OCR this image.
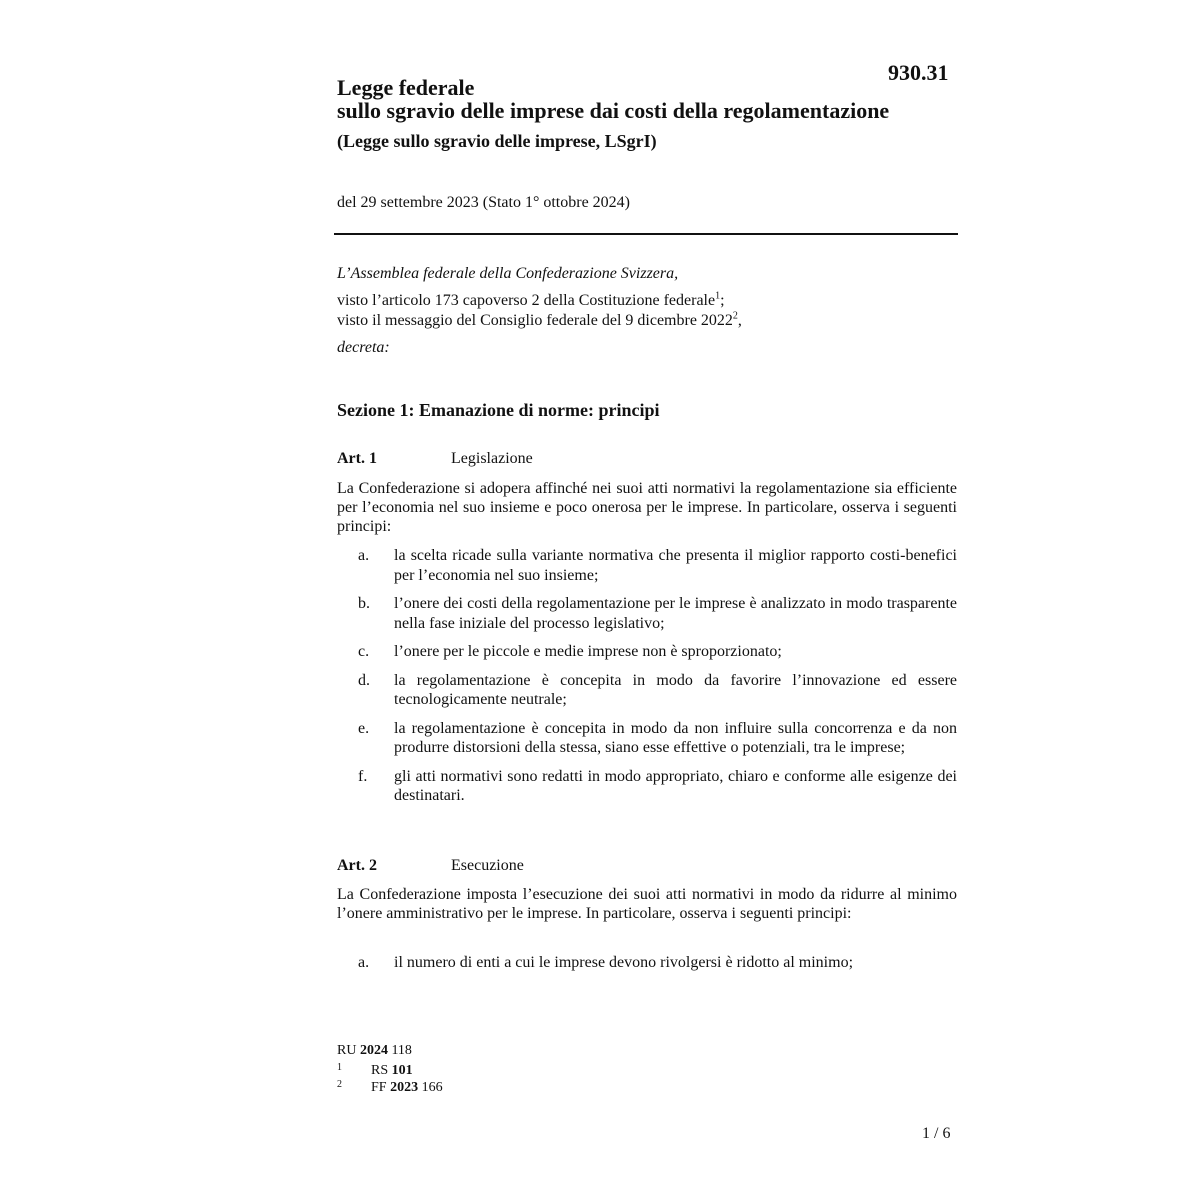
930.31
Legge federale
sullo sgravio delle imprese dai costi della regolamentazione
(Legge sullo sgravio delle imprese, LSgrI)
del 29 settembre 2023 (Stato 1° ottobre 2024)
L’Assemblea federale della Confederazione Svizzera,
visto l’articolo 173 capoverso 2 della Costituzione federale$^1$;
visto il messaggio del Consiglio federale del 9 dicembre 2022$^2$,
decreta:
Sezione 1: Emanazione di norme: principi
Art. 1	Legislazione
La Confederazione si adopera affinché nei suoi atti normativi la regolamentazione sia efficiente per l’economia nel suo insieme e poco onerosa per le imprese. In particolare, osserva i seguenti principi:
a. la scelta ricade sulla variante normativa che presenta il miglior rapporto costi-benefici per l’economia nel suo insieme;
b. l’onere dei costi della regolamentazione per le imprese è analizzato in modo trasparente nella fase iniziale del processo legislativo;
c. l’onere per le piccole e medie imprese non è sproporzionato;
d. la regolamentazione è concepita in modo da favorire l’innovazione ed essere tecnologicamente neutrale;
e. la regolamentazione è concepita in modo da non influire sulla concorrenza e da non produrre distorsioni della stessa, siano esse effettive o potenziali, tra le imprese;
f. gli atti normativi sono redatti in modo appropriato, chiaro e conforme alle esigenze dei destinatari.
Art. 2	Esecuzione
La Confederazione imposta l’esecuzione dei suoi atti normativi in modo da ridurre al minimo l’onere amministrativo per le imprese. In particolare, osserva i seguenti principi:
a. il numero di enti a cui le imprese devono rivolgersi è ridotto al minimo;
RU 2024 118
1 RS 101
2 FF 2023 166
1 / 6
